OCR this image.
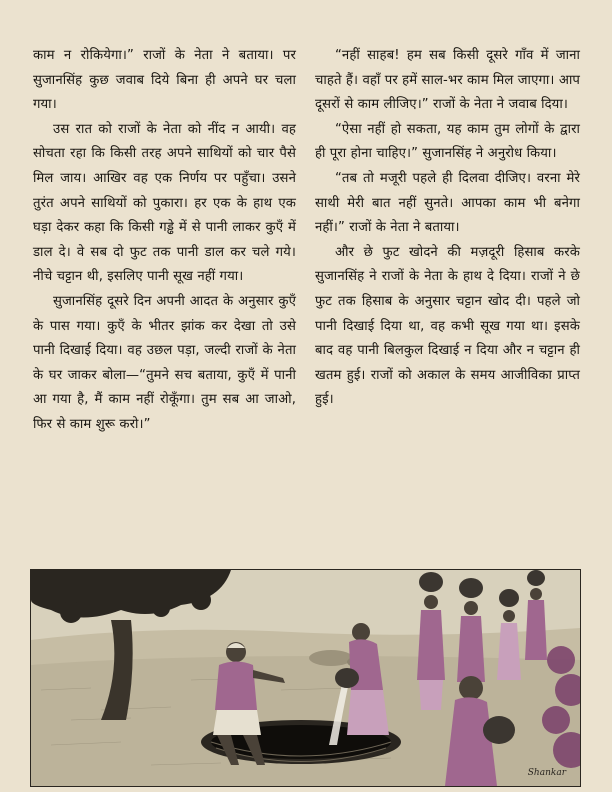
काम न रोकियेगा।” राजों के नेता ने बताया। पर सुजानसिंह कुछ जवाब दिये बिना ही अपने घर चला गया।

उस रात को राजों के नेता को नींद न आयी। वह सोचता रहा कि किसी तरह अपने साथियों को चार पैसे मिल जाय। आखिर वह एक निर्णय पर पहुँचा। उसने तुरंत अपने साथियों को पुकारा। हर एक के हाथ एक घड़ा देकर कहा कि किसी गड्ढे में से पानी लाकर कुएँ में डाल दे। वे सब दो फुट तक पानी डाल कर चले गये। नीचे चट्टान थी, इसलिए पानी सूख नहीं गया।

सुजानसिंह दूसरे दिन अपनी आदत के अनुसार कुएँ के पास गया। कुएँ के भीतर झांक कर देखा तो उसे पानी दिखाई दिया। वह उछल पड़ा, जल्दी राजों के नेता के घर जाकर बोला—“तुमने सच बताया, कुएँ में पानी आ गया है, मैं काम नहीं रोकूँगा। तुम सब आ जाओ, फिर से काम शुरू करो।”

“नहीं साहब! हम सब किसी दूसरे गाँव में जाना चाहते हैं। वहाँ पर हमें साल-भर काम मिल जाएगा। आप दूसरों से काम लीजिए।” राजों के नेता ने जवाब दिया।

“ऐसा नहीं हो सकता, यह काम तुम लोगों के द्वारा ही पूरा होना चाहिए।” सुजानसिंह ने अनुरोध किया।

“तब तो मजूरी पहले ही दिलवा दीजिए। वरना मेरे साथी मेरी बात नहीं सुनते। आपका काम भी बनेगा नहीं।” राजों के नेता ने बताया।

और छे फुट खोदने की मज़दूरी हिसाब करके सुजानसिंह ने राजों के नेता के हाथ दे दिया। राजों ने छे फुट तक हिसाब के अनुसार चट्टान खोद दी। पहले जो पानी दिखाई दिया था, वह कभी सूख गया था। इसके बाद वह पानी बिलकुल दिखाई न दिया और न चट्टान ही खतम हुई। राजों को अकाल के समय आजीविका प्राप्त हुई।

Shankar
